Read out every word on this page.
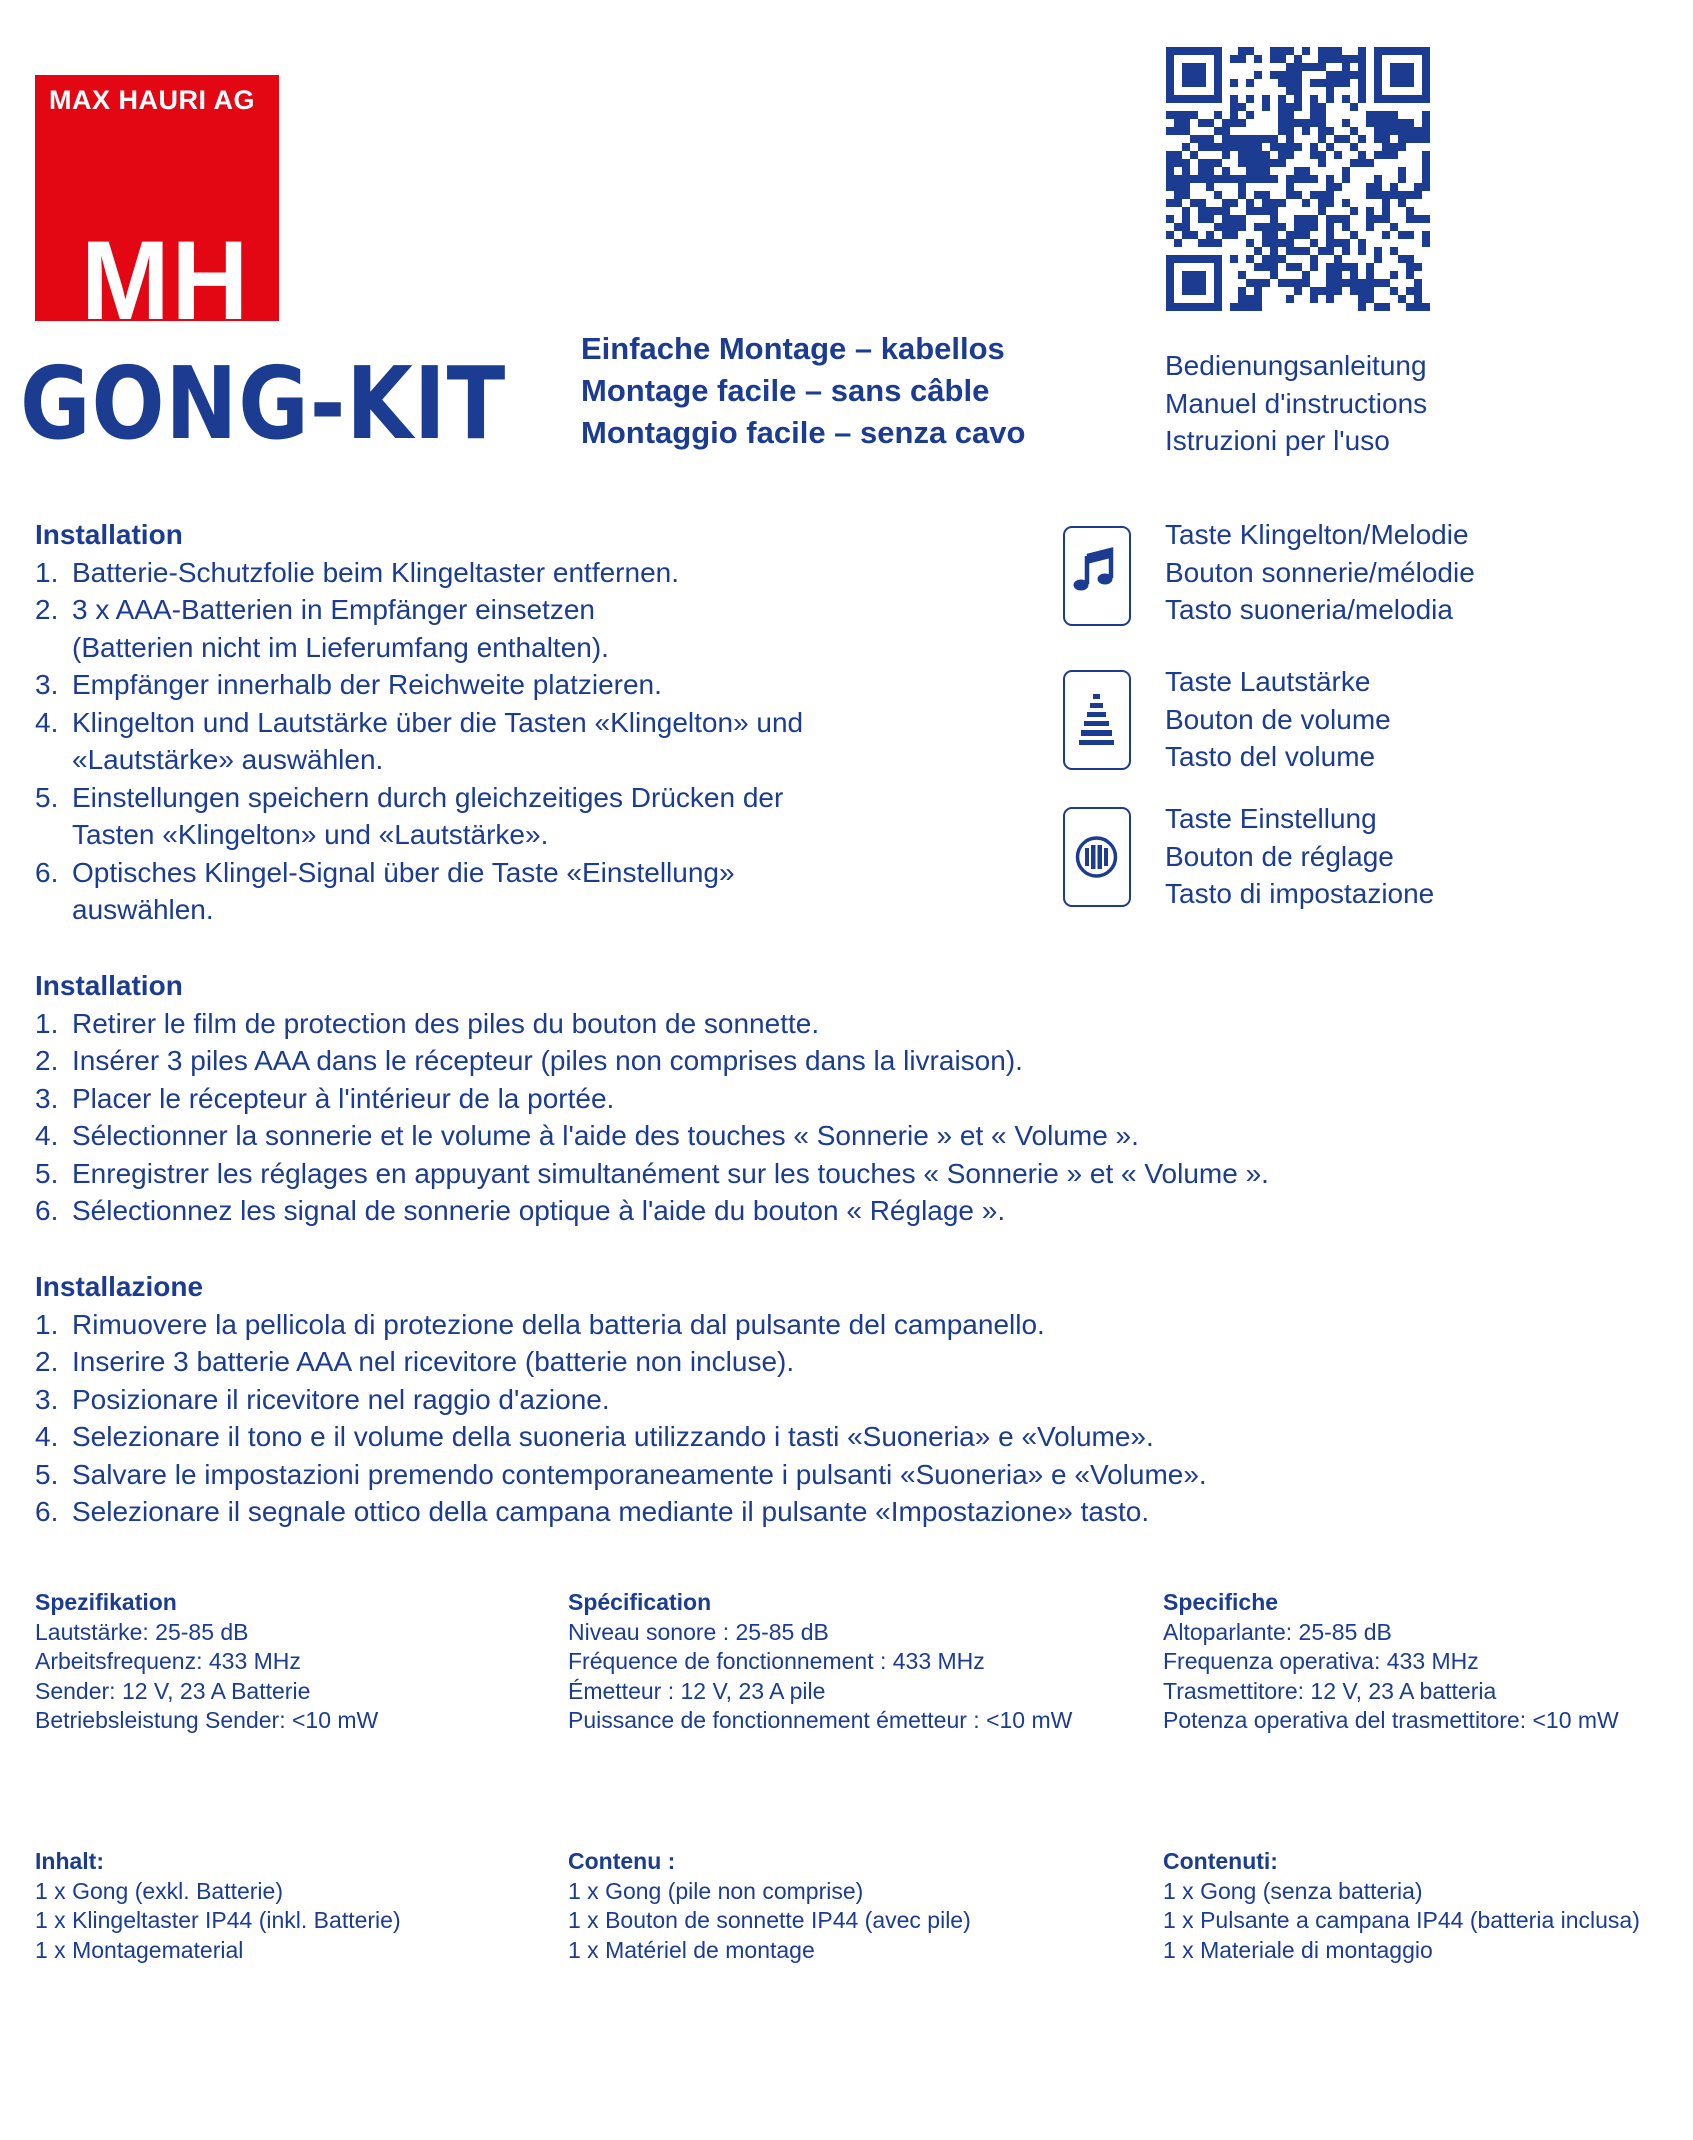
MAX HAURI AG
MH
GONG-KIT Einfache Montage – kabellos
Montage facile – sans câble
Montaggio facile – senza cavo
Bedienungsanleitung
Manuel d'instructions
Istruzioni per l'uso
Installation
1. Batterie-Schutzfolie beim Klingeltaster entfernen.
2. 3 x AAA-Batterien in Empfänger einsetzen
(Batterien nicht im Lieferumfang enthalten).
3. Empfänger innerhalb der Reichweite platzieren.
4. Klingelton und Lautstärke über die Tasten «Klingelton» und
«Lautstärke» auswählen.
5. Einstellungen speichern durch gleichzeitiges Drücken der
Tasten «Klingelton» und «Lautstärke».
6. Optisches Klingel-Signal über die Taste «Einstellung»
auswählen.
Taste Klingelton/Melodie
Bouton sonnerie/mélodie
Tasto suoneria/melodia
Taste Lautstärke
Bouton de volume
Tasto del volume
Taste Einstellung
Bouton de réglage
Tasto di impostazione
Installation
1. Retirer le film de protection des piles du bouton de sonnette.
2. Insérer 3 piles AAA dans le récepteur (piles non comprises dans la livraison).
3. Placer le récepteur à l'intérieur de la portée.
4. Sélectionner la sonnerie et le volume à l'aide des touches « Sonnerie » et « Volume ».
5. Enregistrer les réglages en appuyant simultanément sur les touches « Sonnerie » et « Volume ».
6. Sélectionnez les signal de sonnerie optique à l'aide du bouton « Réglage ».
Installazione
1. Rimuovere la pellicola di protezione della batteria dal pulsante del campanello.
2. Inserire 3 batterie AAA nel ricevitore (batterie non incluse).
3. Posizionare il ricevitore nel raggio d'azione.
4. Selezionare il tono e il volume della suoneria utilizzando i tasti «Suoneria» e «Volume».
5. Salvare le impostazioni premendo contemporaneamente i pulsanti «Suoneria» e «Volume».
6. Selezionare il segnale ottico della campana mediante il pulsante «Impostazione» tasto.
Spezifikation
Lautstärke: 25-85 dB
Arbeitsfrequenz: 433 MHz
Sender: 12 V, 23 A Batterie
Betriebsleistung Sender: <10 mW
Spécification
Niveau sonore : 25-85 dB
Fréquence de fonctionnement : 433 MHz
Émetteur : 12 V, 23 A pile
Puissance de fonctionnement émetteur : <10 mW
Specifiche
Altoparlante: 25-85 dB
Frequenza operativa: 433 MHz
Trasmettitore: 12 V, 23 A batteria
Potenza operativa del trasmettitore: <10 mW
Inhalt:
1 x Gong (exkl. Batterie)
1 x Klingeltaster IP44 (inkl. Batterie)
1 x Montagematerial
Contenu :
1 x Gong (pile non comprise)
1 x Bouton de sonnette IP44 (avec pile)
1 x Matériel de montage
Contenuti:
1 x Gong (senza batteria)
1 x Pulsante a campana IP44 (batteria inclusa)
1 x Materiale di montaggio
